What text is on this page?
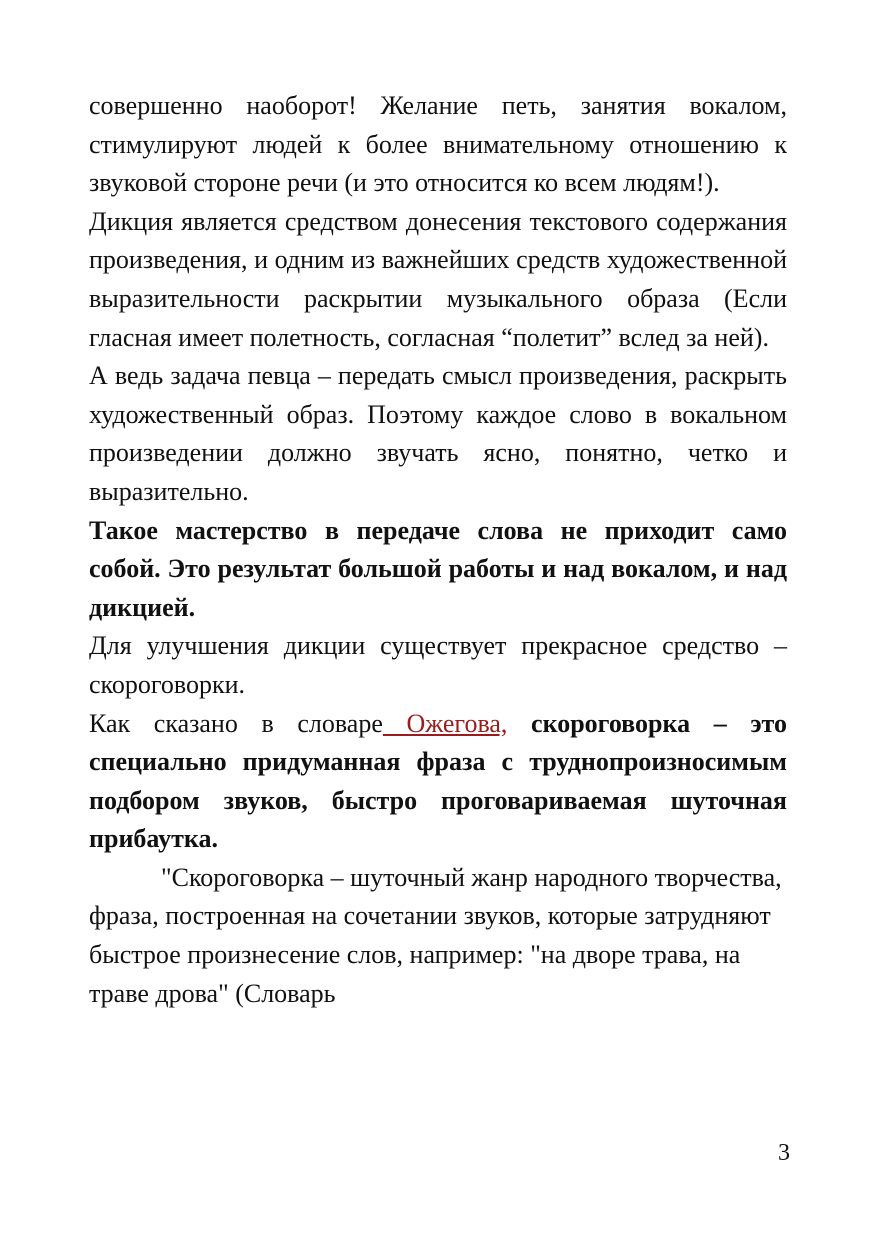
совершенно наоборот! Желание петь, занятия вокалом, стимулируют людей к более внимательному отношению к звуковой стороне речи (и это относится ко всем людям!).

Дикция является средством донесения текстового содержания произведения, и одним из важнейших средств художественной выразительности раскрытии музыкального образа (Если гласная имеет полетность, согласная “полетит” вслед за ней).

А ведь задача певца – передать смысл произведения, раскрыть художественный образ. Поэтому каждое слово в вокальном произведении должно звучать ясно, понятно, четко и выразительно.

Такое мастерство в передаче слова не приходит само собой. Это результат большой работы и над вокалом, и над дикцией.

Для улучшения дикции существует прекрасное средство – скороговорки.

Как сказано в словаре Ожегова, скороговорка – это специально придуманная фраза с труднопроизносимым подбором звуков, быстро проговариваемая шуточная прибаутка.

"Скороговорка – шуточный жанр народного творчества, фраза, построенная на сочетании звуков, которые затрудняют быстрое произнесение слов, например: "на дворе трава, на траве дрова" (Словарь

3
